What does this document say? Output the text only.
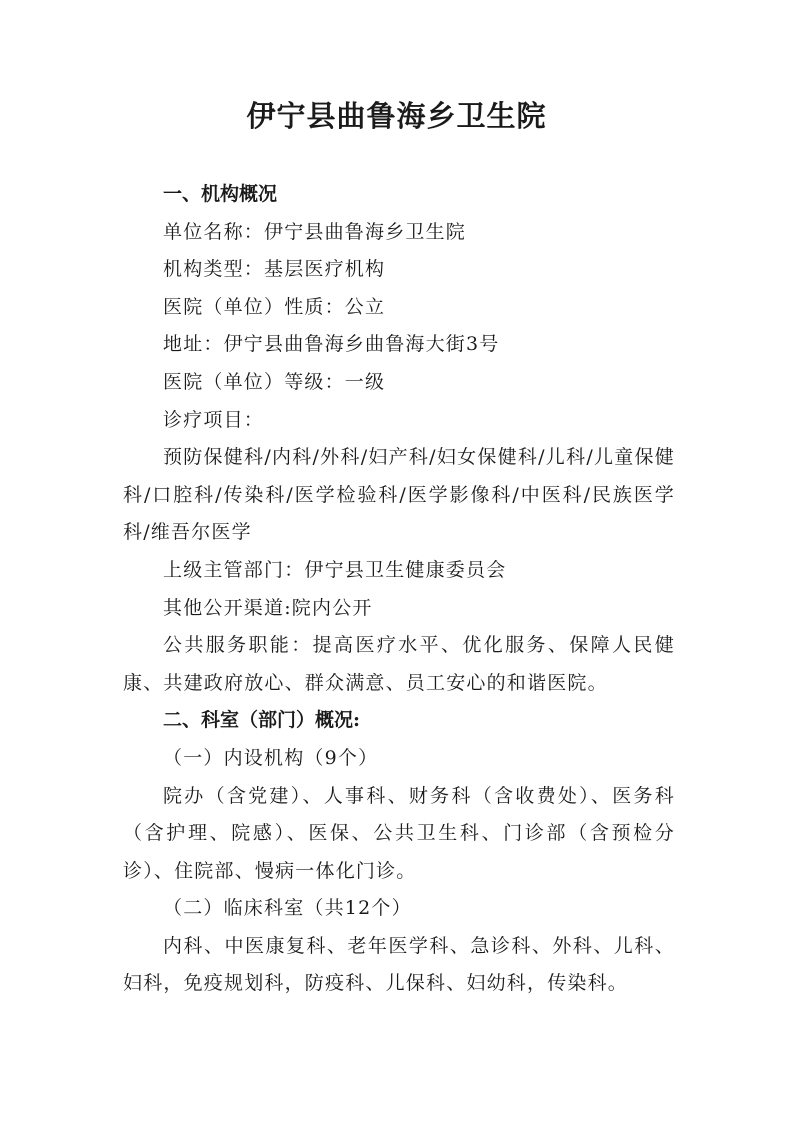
伊宁县曲鲁海乡卫生院

一、机构概况

单位名称：伊宁县曲鲁海乡卫生院

机构类型：基层医疗机构

医院（单位）性质：公立

地址：伊宁县曲鲁海乡曲鲁海大街3号

医院（单位）等级：一级

诊疗项目：

预防保健科/内科/外科/妇产科/妇女保健科/儿科/儿童保健科/口腔科/传染科/医学检验科/医学影像科/中医科/民族医学科/维吾尔医学

上级主管部门：伊宁县卫生健康委员会

其他公开渠道:院内公开

公共服务职能：提高医疗水平、优化服务、保障人民健康、共建政府放心、群众满意、员工安心的和谐医院。

二、科室（部门）概况:

（一）内设机构（9个）

院办（含党建）、人事科、财务科（含收费处）、医务科（含护理、院感）、医保、公共卫生科、门诊部（含预检分诊）、住院部、慢病一体化门诊。

（二）临床科室（共12个）

内科、中医康复科、老年医学科、急诊科、外科、儿科、妇科，免疫规划科，防疫科、儿保科、妇幼科，传染科。
